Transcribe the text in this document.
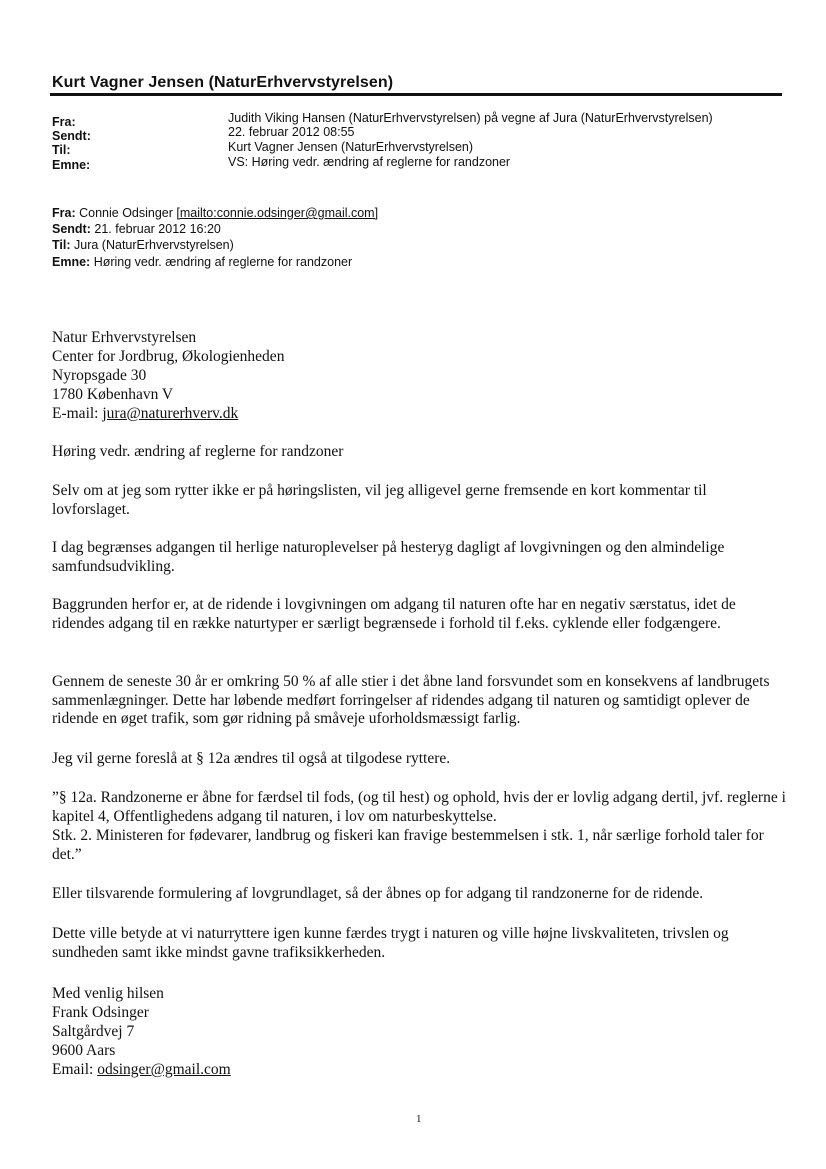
Kurt Vagner Jensen (NaturErhvervstyrelsen)
Fra:	Judith Viking Hansen (NaturErhvervstyrelsen) på vegne af Jura (NaturErhvervstyrelsen)
Sendt:	22. februar 2012 08:55
Til:	Kurt Vagner Jensen (NaturErhvervstyrelsen)
Emne:	VS: Høring vedr. ændring af reglerne for randzoner
Fra: Connie Odsinger [mailto:connie.odsinger@gmail.com]
Sendt: 21. februar 2012 16:20
Til: Jura (NaturErhvervstyrelsen)
Emne: Høring vedr. ændring af reglerne for randzoner
Natur Erhvervstyrelsen
Center for Jordbrug, Økologienheden
Nyropsgade 30
1780 København V
E-mail: jura@naturerhverv.dk
Høring vedr. ændring af reglerne for randzoner
Selv om at jeg som rytter ikke er på høringslisten, vil jeg alligevel gerne fremsende en kort kommentar til lovforslaget.
I dag begrænses adgangen til herlige naturoplevelser på hesteryg dagligt af lovgivningen og den almindelige samfundsudvikling.
Baggrunden herfor er, at de ridende i lovgivningen om adgang til naturen ofte har en negativ særstatus, idet de ridendes adgang til en række naturtyper er særligt begrænsede i forhold til f.eks. cyklende eller fodgængere.
Gennem de seneste 30 år er omkring 50 % af alle stier i det åbne land forsvundet som en konsekvens af landbrugets sammenlægninger. Dette har løbende medført forringelser af ridendes adgang til naturen og samtidigt oplever de ridende en øget trafik, som gør ridning på småveje uforholdsmæssigt farlig.
Jeg vil gerne foreslå at § 12a ændres til også at tilgodese ryttere.
”§ 12a. Randzonerne er åbne for færdsel til fods, (og til hest) og ophold, hvis der er lovlig adgang dertil, jvf. reglerne i kapitel 4, Offentlighedens adgang til naturen, i lov om naturbeskyttelse.
Stk. 2. Ministeren for fødevarer, landbrug og fiskeri kan fravige bestemmelsen i stk. 1, når særlige forhold taler for det.”
Eller tilsvarende formulering af lovgrundlaget, så der åbnes op for adgang til randzonerne for de ridende.
Dette ville betyde at vi naturryttere igen kunne færdes trygt i naturen og ville højne livskvaliteten, trivslen og sundheden samt ikke mindst gavne trafiksikkerheden.
Med venlig hilsen
Frank Odsinger
Saltgårdvej 7
9600 Aars
Email: odsinger@gmail.com
1
